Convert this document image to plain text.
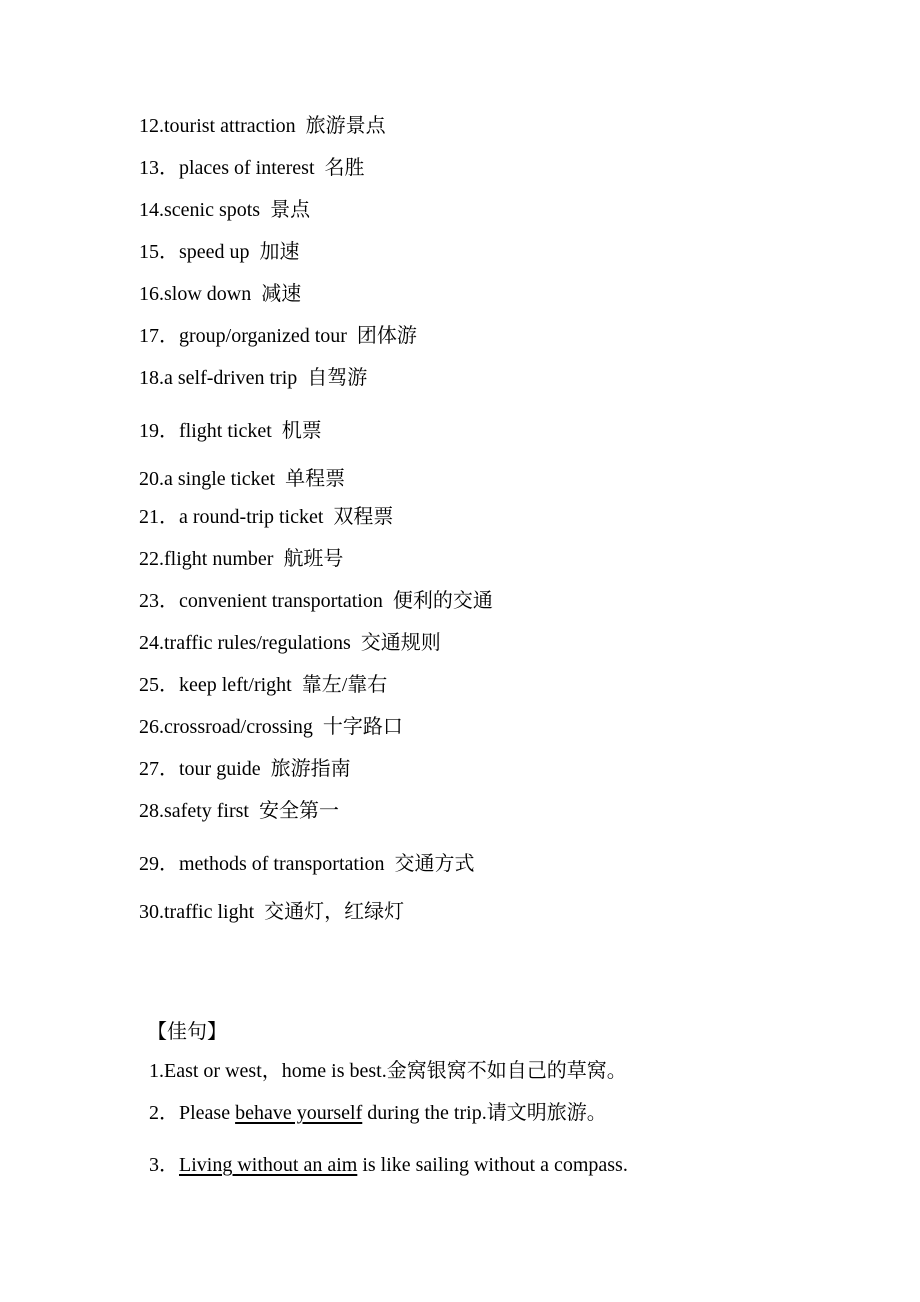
12.tourist attraction 旅游景点
13．places of interest 名胜
14.scenic spots 景点
15．speed up 加速
16.slow down 减速
17．group/organized tour 团体游
18.a self-driven trip 自驾游
19．flight ticket 机票
20.a single ticket 单程票
21．a round-trip ticket 双程票
22.flight number 航班号
23．convenient transportation 便利的交通
24.traffic rules/regulations 交通规则
25．keep left/right 靠左/靠右
26.crossroad/crossing 十字路口
27．tour guide 旅游指南
28.safety first 安全第一
29．methods of transportation 交通方式
30.traffic light 交通灯，红绿灯

【佳句】

1.East or west，home is best.金窝银窝不如自己的草窝。

2．Please behave yourself during the trip.请文明旅游。

3．Living without an aim is like sailing without a compass.
